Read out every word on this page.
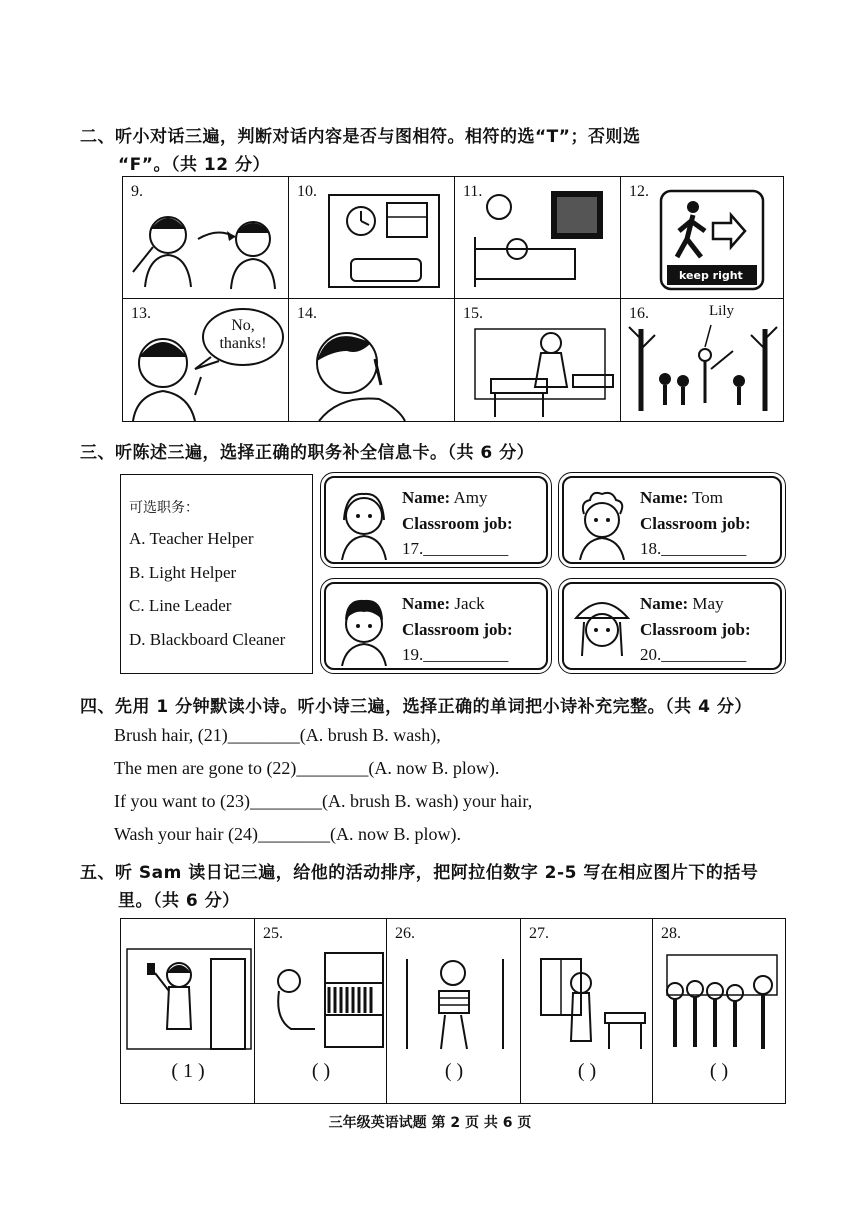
二、听小对话三遍，判断对话内容是否与图相符。相符的选“T”；否则选
“F”。（共 12 分）
9.	10.	11.	12.
keep right
13.
No,
thanks!
14.	15.	16.	Lily
三、听陈述三遍，选择正确的职务补全信息卡。（共 6 分）
可选职务：
A. Teacher Helper
B. Light Helper
C. Line Leader
D. Blackboard Cleaner
Name: Amy
Classroom job:
17.__________
Name: Tom
Classroom job:
18.__________
Name: Jack
Classroom job:
19.__________
Name: May
Classroom job:
20.__________
四、先用 1 分钟默读小诗。听小诗三遍，选择正确的单词把小诗补充完整。（共 4 分）
Brush hair, (21)________(A. brush B. wash),
The men are gone to (22)________(A. now B. plow).
If you want to (23)________(A. brush B. wash) your hair,
Wash your hair (24)________(A. now B. plow).
五、听 Sam 读日记三遍，给他的活动排序，把阿拉伯数字 2-5 写在相应图片下的括号
里。（共 6 分）
( 1 )
25.
( )
26.
( )
27.
( )
28.
( )
三年级英语试题 第 2 页 共 6 页
